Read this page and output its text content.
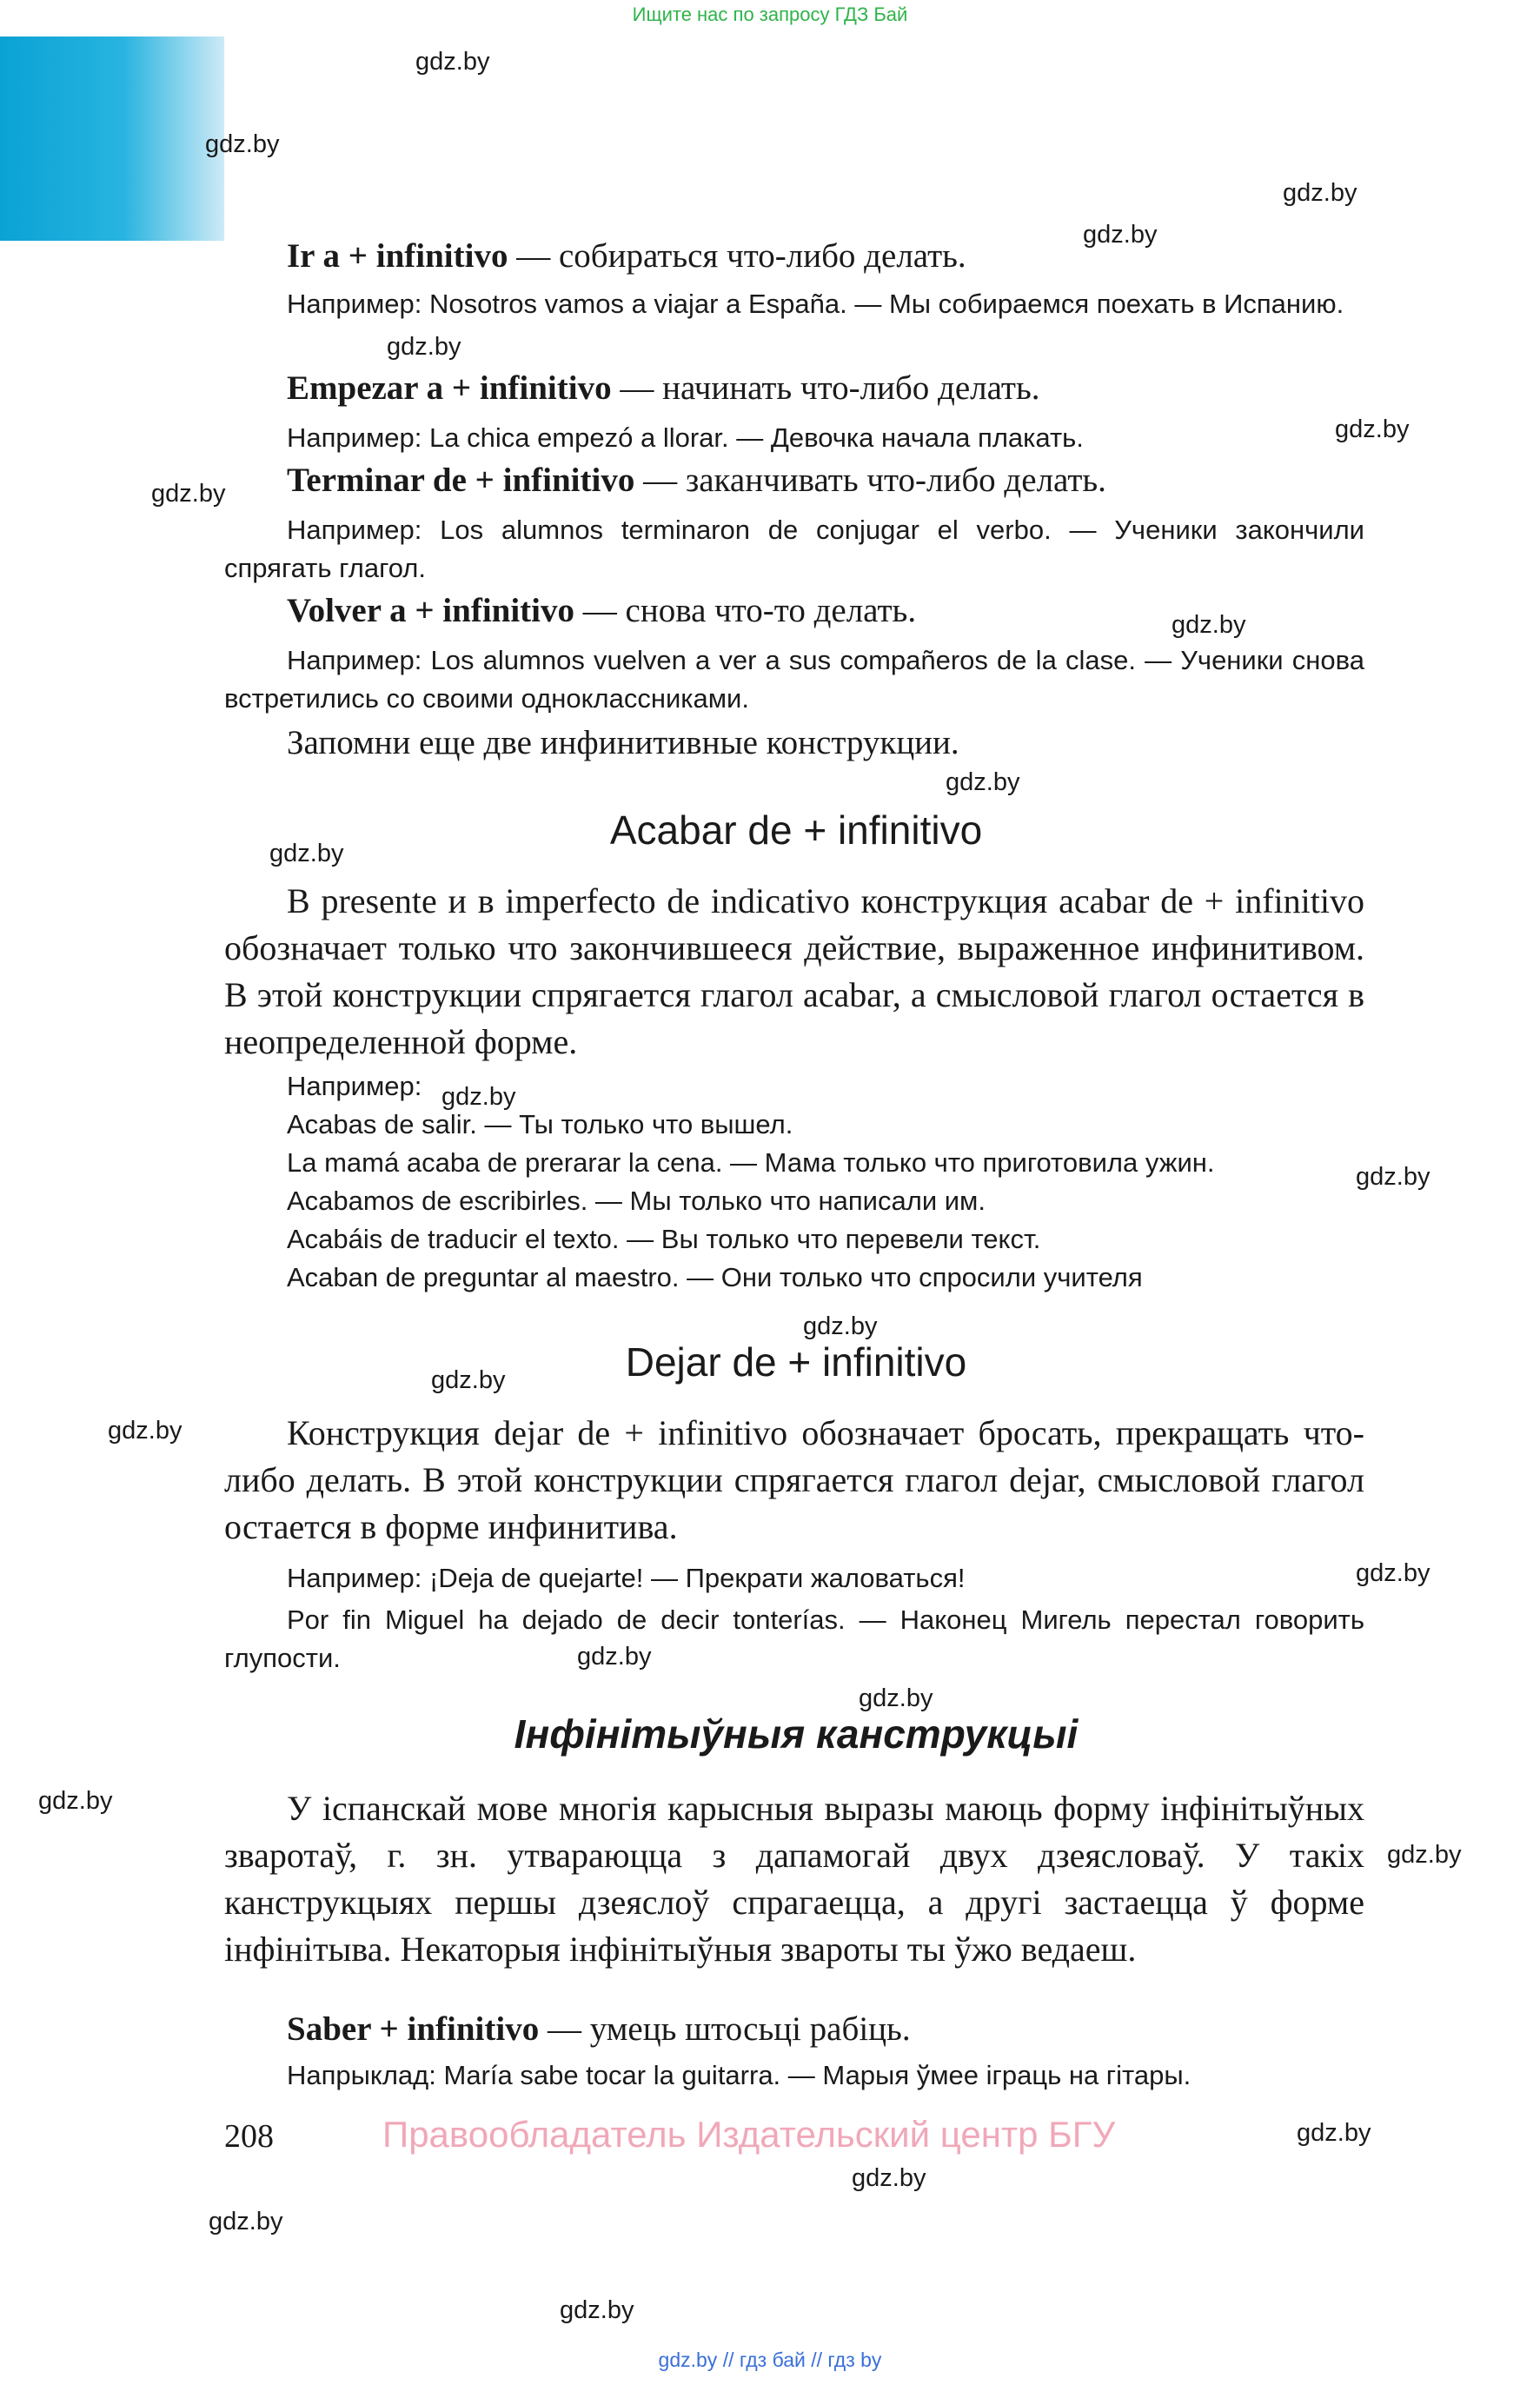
Ищите нас по запросу ГДЗ Бай
gdz.by
gdz.by
gdz.by
gdz.by
gdz.by
gdz.by
gdz.by
gdz.by
gdz.by
gdz.by
gdz.by
gdz.by
gdz.by
gdz.by
gdz.by
gdz.by
gdz.by
gdz.by
gdz.by
gdz.by
gdz.by
gdz.by
gdz.by
gdz.by
Ir a + infinitivo — собираться что-либо делать.
Например: Nosotros vamos a viajar a España. — Мы собираемся поехать в Испанию.
Empezar a + infinitivo — начинать что-либо делать.
Например: La chica empezó a llorar. — Девочка начала плакать.
Terminar de + infinitivo — заканчивать что-либо делать.
Например: Los alumnos terminaron de conjugar el verbo. — Ученики закончили спрягать глагол.
Volver a + infinitivo — снова что-то делать.
Например: Los alumnos vuelven a ver a sus compañeros de la clase. — Ученики снова встретились со своими одноклассниками.
Запомни еще две инфинитивные конструкции.
Acabar de + infinitivo
В presente и в imperfecto de indicativo конструкция acabar de + infinitivo обозначает только что закончившееся действие, выраженное инфинитивом. В этой конструкции спрягается глагол acabar, а смысловой глагол остается в неопределенной форме.
Например:
Acabas de salir. — Ты только что вышел.
La mamá acaba de prerarar la cena. — Мама только что приготовила ужин.
Acabamos de escribirles. — Мы только что написали им.
Acabáis de traducir el texto. — Вы только что перевели текст.
Acaban de preguntar al maestro. — Они только что спросили учителя
Dejar de + infinitivo
Конструкция dejar de + infinitivo обозначает бросать, прекращать что-либо делать. В этой конструкции спрягается глагол dejar, смысловой глагол остается в форме инфинитива.
Например: ¡Deja de quejarte! — Прекрати жаловаться!
Por fin Miguel ha dejado de decir tonterías. — Наконец Мигель перестал говорить глупости.
Інфінітыўныя канструкцыі
У іспанскай мове многія карысныя выразы маюць форму інфінітыўных зваротаў, г. зн. утвараюцца з дапамогай двух дзеясловаў. У такіх канструкцыях першы дзеяслоў спрагаецца, а другі застаецца ў форме інфінітыва. Некаторыя інфінітыўныя звароты ты ўжо ведаеш.
Saber + infinitivo — умець штосьці рабіць.
Напрыклад: María sabe tocar la guitarra. — Марыя ўмее іграць на гітары.
208	Правообладатель Издательский центр БГУ
gdz.by // гдз бай // гдз by
